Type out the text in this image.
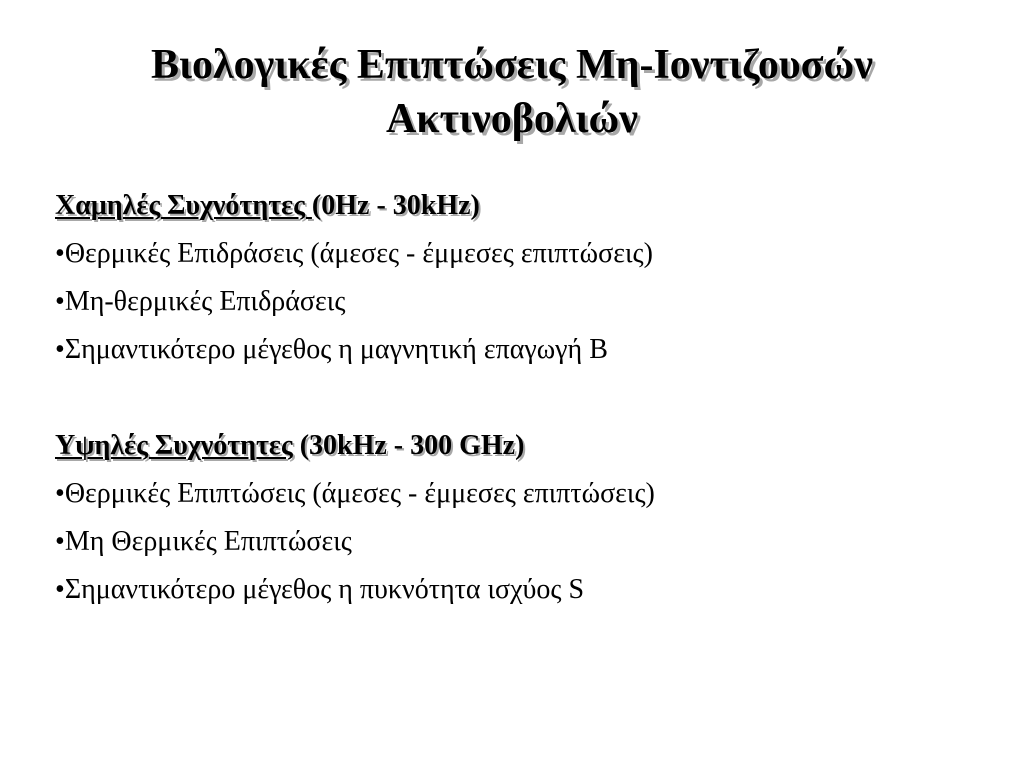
Βιολογικές Επιπτώσεις Μη-Ιοντιζουσών
Ακτινοβολιών
Χαμηλές Συχνότητες (0Hz - 30kHz)
•Θερμικές Επιδράσεις (άμεσες - έμμεσες επιπτώσεις)
•Μη-θερμικές Επιδράσεις
•Σημαντικότερο μέγεθος η μαγνητική επαγωγή B
Υψηλές Συχνότητες (30kHz - 300 GHz)
•Θερμικές Επιπτώσεις (άμεσες - έμμεσες επιπτώσεις)
•Μη Θερμικές Επιπτώσεις
•Σημαντικότερο μέγεθος η πυκνότητα ισχύος S
